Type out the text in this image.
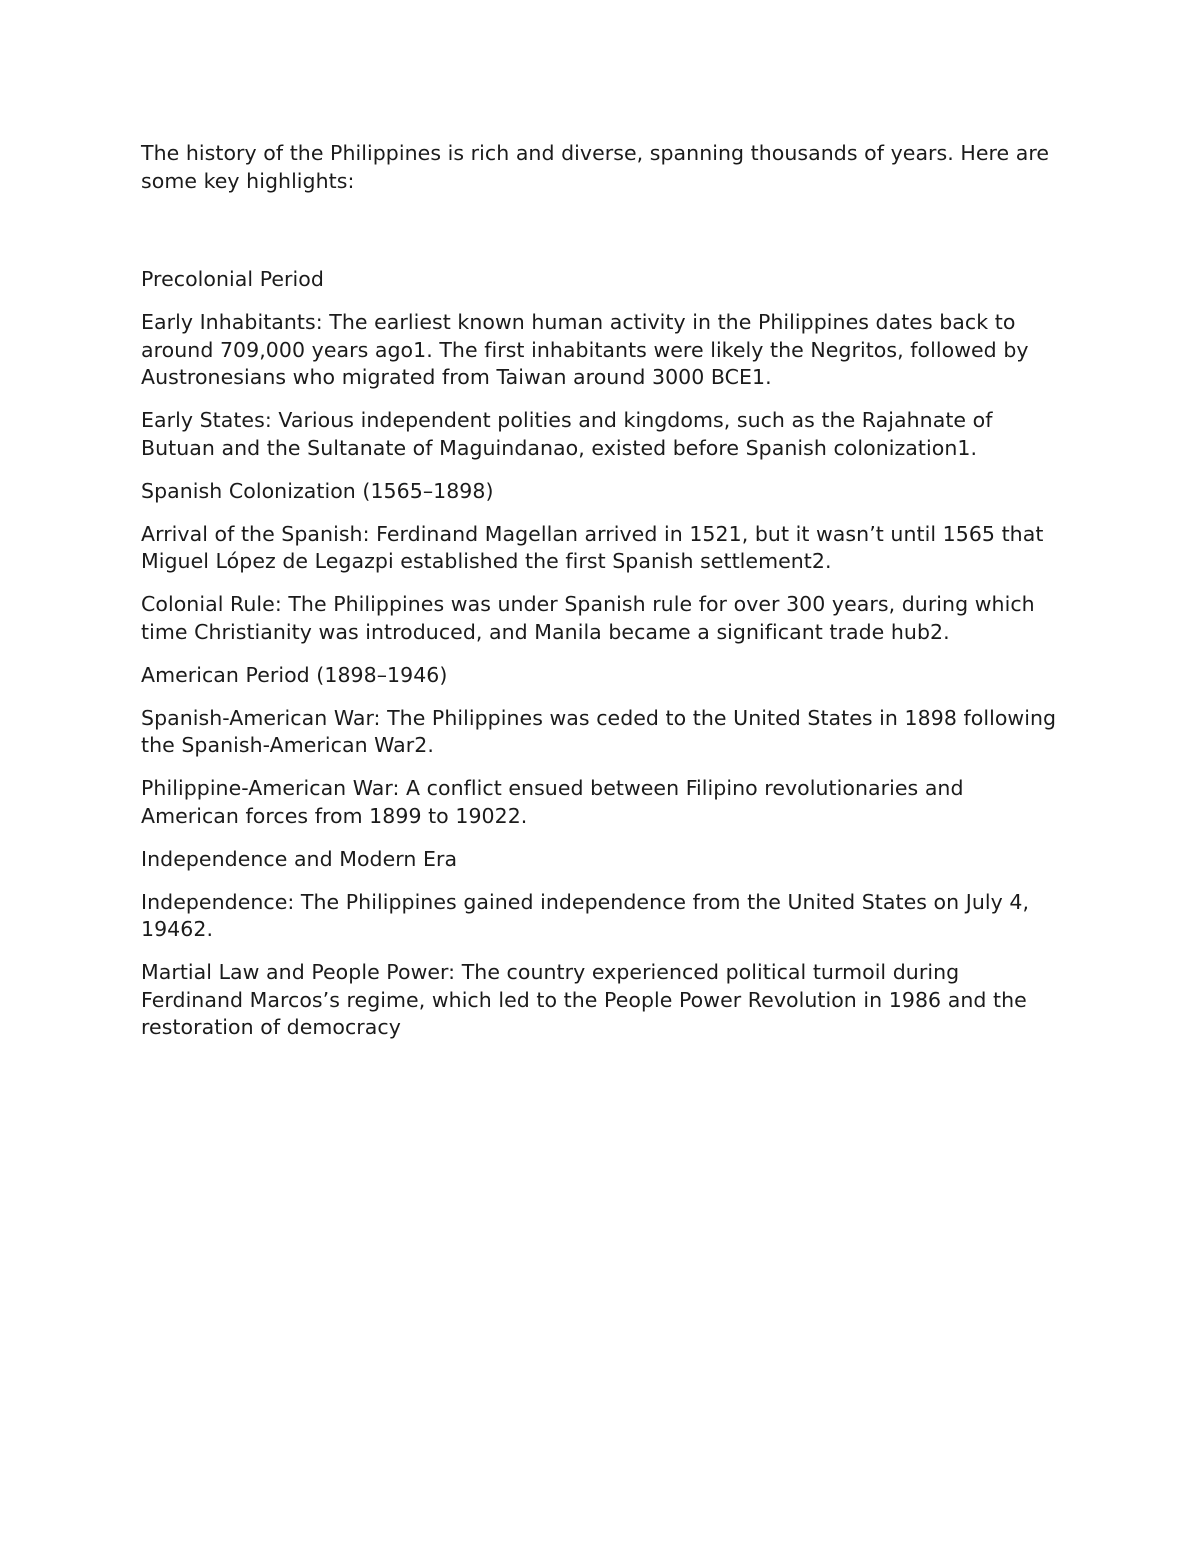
The history of the Philippines is rich and diverse, spanning thousands of years. Here are some key highlights:

Precolonial Period

Early Inhabitants: The earliest known human activity in the Philippines dates back to around 709,000 years ago1. The first inhabitants were likely the Negritos, followed by Austronesians who migrated from Taiwan around 3000 BCE1.

Early States: Various independent polities and kingdoms, such as the Rajahnate of Butuan and the Sultanate of Maguindanao, existed before Spanish colonization1.

Spanish Colonization (1565–1898)

Arrival of the Spanish: Ferdinand Magellan arrived in 1521, but it wasn’t until 1565 that Miguel López de Legazpi established the first Spanish settlement2.

Colonial Rule: The Philippines was under Spanish rule for over 300 years, during which time Christianity was introduced, and Manila became a significant trade hub2.

American Period (1898–1946)

Spanish-American War: The Philippines was ceded to the United States in 1898 following the Spanish-American War2.

Philippine-American War: A conflict ensued between Filipino revolutionaries and American forces from 1899 to 19022.

Independence and Modern Era

Independence: The Philippines gained independence from the United States on July 4, 19462.

Martial Law and People Power: The country experienced political turmoil during Ferdinand Marcos’s regime, which led to the People Power Revolution in 1986 and the restoration of democracy
